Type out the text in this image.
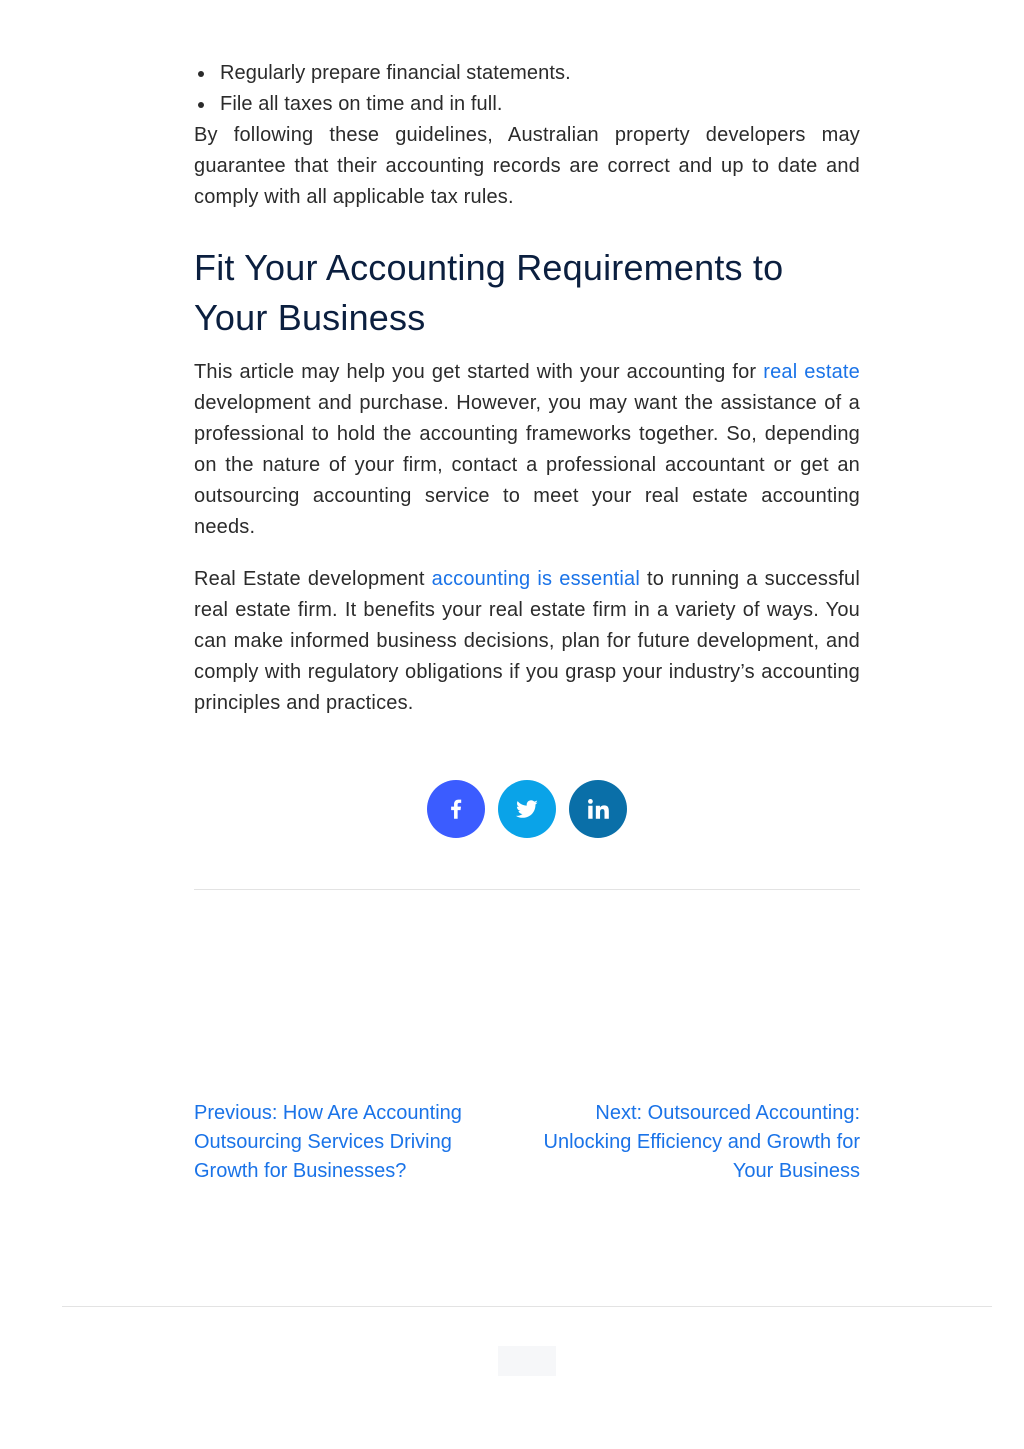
Regularly prepare financial statements.
File all taxes on time and in full.

By following these guidelines, Australian property developers may guarantee that their accounting records are correct and up to date and comply with all applicable tax rules.

Fit Your Accounting Requirements to Your Business

This article may help you get started with your accounting for real estate development and purchase. However, you may want the assistance of a professional to hold the accounting frameworks together. So, depending on the nature of your firm, contact a professional accountant or get an outsourcing accounting service to meet your real estate accounting needs.

Real Estate development accounting is essential to running a successful real estate firm. It benefits your real estate firm in a variety of ways. You can make informed business decisions, plan for future development, and comply with regulatory obligations if you grasp your industry’s accounting principles and practices.

Previous: How Are Accounting Outsourcing Services Driving Growth for Businesses?
Next: Outsourced Accounting: Unlocking Efficiency and Growth for Your Business
